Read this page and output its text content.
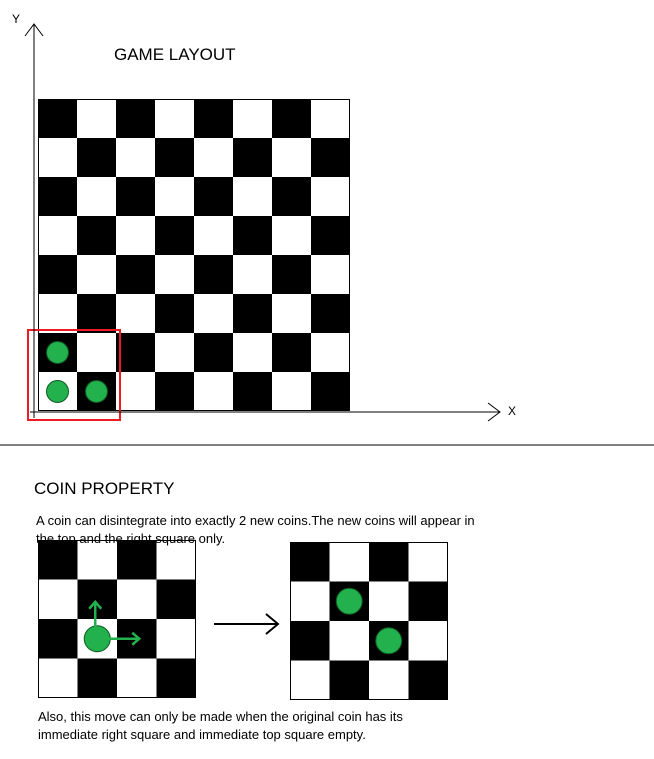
Y
X
GAME LAYOUT
COIN PROPERTY
A coin can disintegrate into exactly 2 new coins.The new coins will appear in
the top and the right square only.
Also, this move can only be made when the original coin has its
immediate right square and immediate top square empty.
